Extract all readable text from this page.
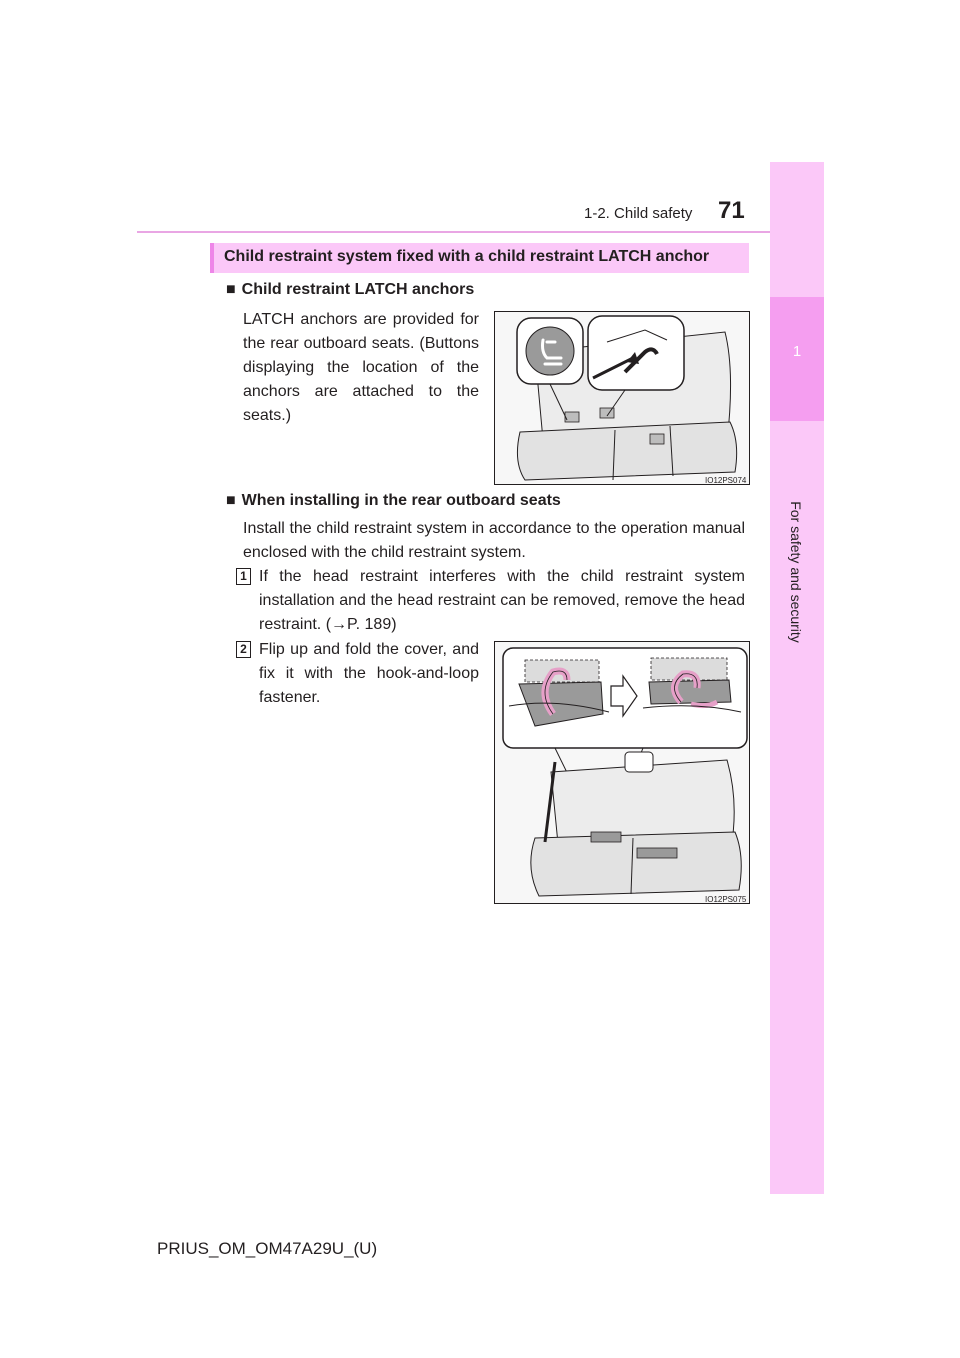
1-2. Child safety 71
1
For safety and security
Child restraint system fixed with a child restraint LATCH anchor
■ Child restraint LATCH anchors
LATCH anchors are provided for the rear outboard seats. (Buttons displaying the location of the anchors are attached to the seats.)
IO12PS074
■ When installing in the rear outboard seats
Install the child restraint system in accordance to the operation manual enclosed with the child restraint system.
1 If the head restraint interferes with the child restraint system installation and the head restraint can be removed, remove the head restraint. (→P. 189)
2 Flip up and fold the cover, and fix it with the hook-and-loop fastener.
IO12PS075
PRIUS_OM_OM47A29U_(U)
